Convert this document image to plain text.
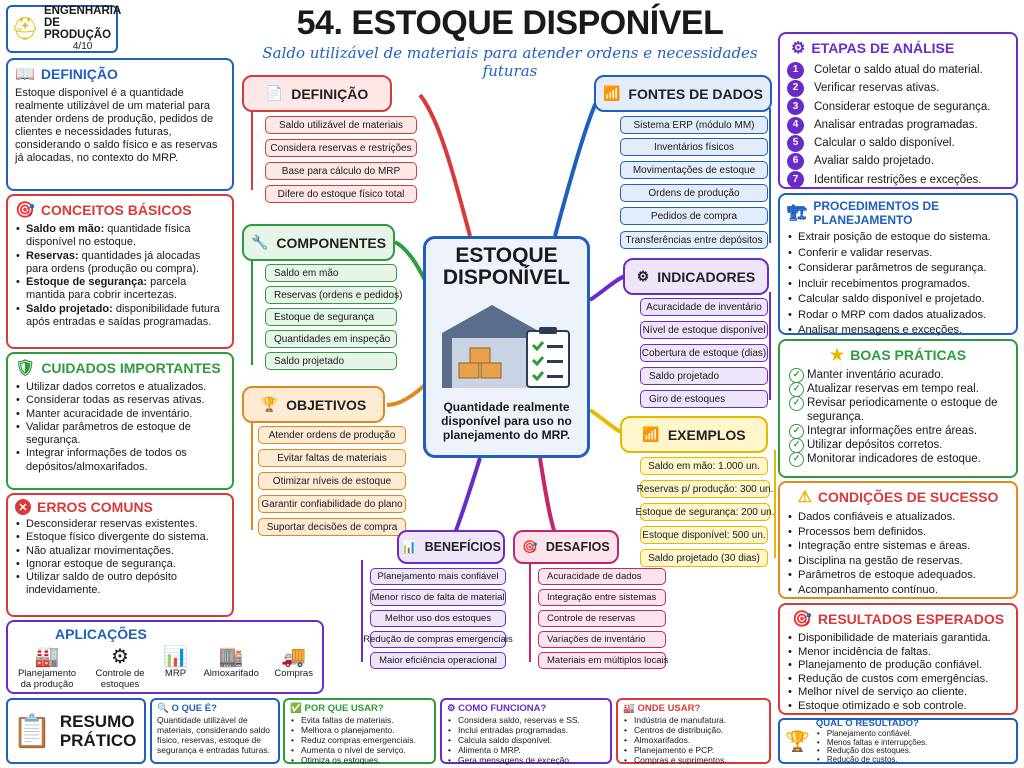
⛑
ENGENHARIA
DE PRODUÇÃO
4/10
54. ESTOQUE DISPONÍVEL
Saldo utilizável de materiais para atender ordens e necessidades futuras
📖 DEFINIÇÃO
Estoque disponível é a quantidade realmente utilizável de um material para atender ordens de produção, pedidos de clientes e necessidades futuras, considerando o saldo físico e as reservas já alocadas, no contexto do MRP.
🎯 CONCEITOS BÁSICOS
• Saldo em mão: quantidade física disponível no estoque.
• Reservas: quantidades já alocadas para ordens (produção ou compra).
• Estoque de segurança: parcela mantida para cobrir incertezas.
• Saldo projetado: disponibilidade futura após entradas e saídas programadas.
🛡 CUIDADOS IMPORTANTES
• Utilizar dados corretos e atualizados.
• Considerar todas as reservas ativas.
• Manter acuracidade de inventário.
• Validar parâmetros de estoque de segurança.
• Integrar informações de todos os depósitos/almoxarifados.
✕ ERROS COMUNS
• Desconsiderar reservas existentes.
• Estoque físico divergente do sistema.
• Não atualizar movimentações.
• Ignorar estoque de segurança.
• Utilizar saldo de outro depósito indevidamente.
APLICAÇÕES
🏭
Planejamento da produção
⚙
Controle de estoques
📊
MRP
🏬
Almoxarifado
🚚
Compras
ESTOQUE
DISPONÍVEL
Quantidade realmente disponível para uso no planejamento do MRP.
📄 DEFINIÇÃO
Saldo utilizável de materiais
Considera reservas e restrições
Base para cálculo do MRP
Difere do estoque físico total
🔧 COMPONENTES
Saldo em mão
Reservas (ordens e pedidos)
Estoque de segurança
Quantidades em inspeção
Saldo projetado
🏆 OBJETIVOS
Atender ordens de produção
Evitar faltas de materiais
Otimizar níveis de estoque
Garantir confiabilidade do plano
Suportar decisões de compra
📶 FONTES DE DADOS
Sistema ERP (módulo MM)
Inventários físicos
Movimentações de estoque
Ordens de produção
Pedidos de compra
Transferências entre depósitos
⚙ INDICADORES
Acuracidade de inventário
Nível de estoque disponível
Cobertura de estoque (dias)
Saldo projetado
Giro de estoques
📶 EXEMPLOS
Saldo em mão: 1.000 un.
Reservas p/ produção: 300 un.
Estoque de segurança: 200 un.
Estoque disponível: 500 un.
Saldo projetado (30 dias)
📊 BENEFÍCIOS
Planejamento mais confiável
Menor risco de falta de material
Melhor uso dos estoques
Redução de compras emergenciais
Maior eficiência operacional
🎯 DESAFIOS
Acuracidade de dados
Integração entre sistemas
Controle de reservas
Variações de inventário
Materiais em múltiplos locais
⚙ ETAPAS DE ANÁLISE
1	Coletar o saldo atual do material.
2	Verificar reservas ativas.
3	Considerar estoque de segurança.
4	Analisar entradas programadas.
5	Calcular o saldo disponível.
6	Avaliar saldo projetado.
7	Identificar restrições e exceções.
🏗 PROCEDIMENTOS DE PLANEJAMENTO
• Extrair posição de estoque do sistema.
• Conferir e validar reservas.
• Considerar parâmetros de segurança.
• Incluir recebimentos programados.
• Calcular saldo disponível e projetado.
• Rodar o MRP com dados atualizados.
• Analisar mensagens e exceções.
★ BOAS PRÁTICAS
✓ Manter inventário acurado.
✓ Atualizar reservas em tempo real.
✓ Revisar periodicamente o estoque de segurança.
✓ Integrar informações entre áreas.
✓ Utilizar depósitos corretos.
✓ Monitorar indicadores de estoque.
⚠ CONDIÇÕES DE SUCESSO
• Dados confiáveis e atualizados.
• Processos bem definidos.
• Integração entre sistemas e áreas.
• Disciplina na gestão de reservas.
• Parâmetros de estoque adequados.
• Acompanhamento contínuo.
🎯 RESULTADOS ESPERADOS
• Disponibilidade de materiais garantida.
• Menor incidência de faltas.
• Planejamento de produção confiável.
• Redução de custos com emergências.
• Melhor nível de serviço ao cliente.
• Estoque otimizado e sob controle.
📋 RESUMO
PRÁTICO
🔍 O QUE É?
Quantidade utilizável de materiais, considerando saldo físico, reservas, estoque de segurança e entradas futuras.
✅ POR QUE USAR?
• Evita faltas de materiais.
• Melhora o planejamento.
• Reduz compras emergenciais.
• Aumenta o nível de serviço.
• Otimiza os estoques.
⚙ COMO FUNCIONA?
• Considera saldo, reservas e SS.
• Inclui entradas programadas.
• Calcula saldo disponível.
• Alimenta o MRP.
• Gera mensagens de exceção.
🏭 ONDE USAR?
• Indústria de manufatura.
• Centros de distribuição.
• Almoxarifados.
• Planejamento e PCP.
• Compras e suprimentos.
🏆
QUAL O RESULTADO?
• Planejamento confiável.
• Menos faltas e interrupções.
• Redução dos estoques.
• Redução de custos.
